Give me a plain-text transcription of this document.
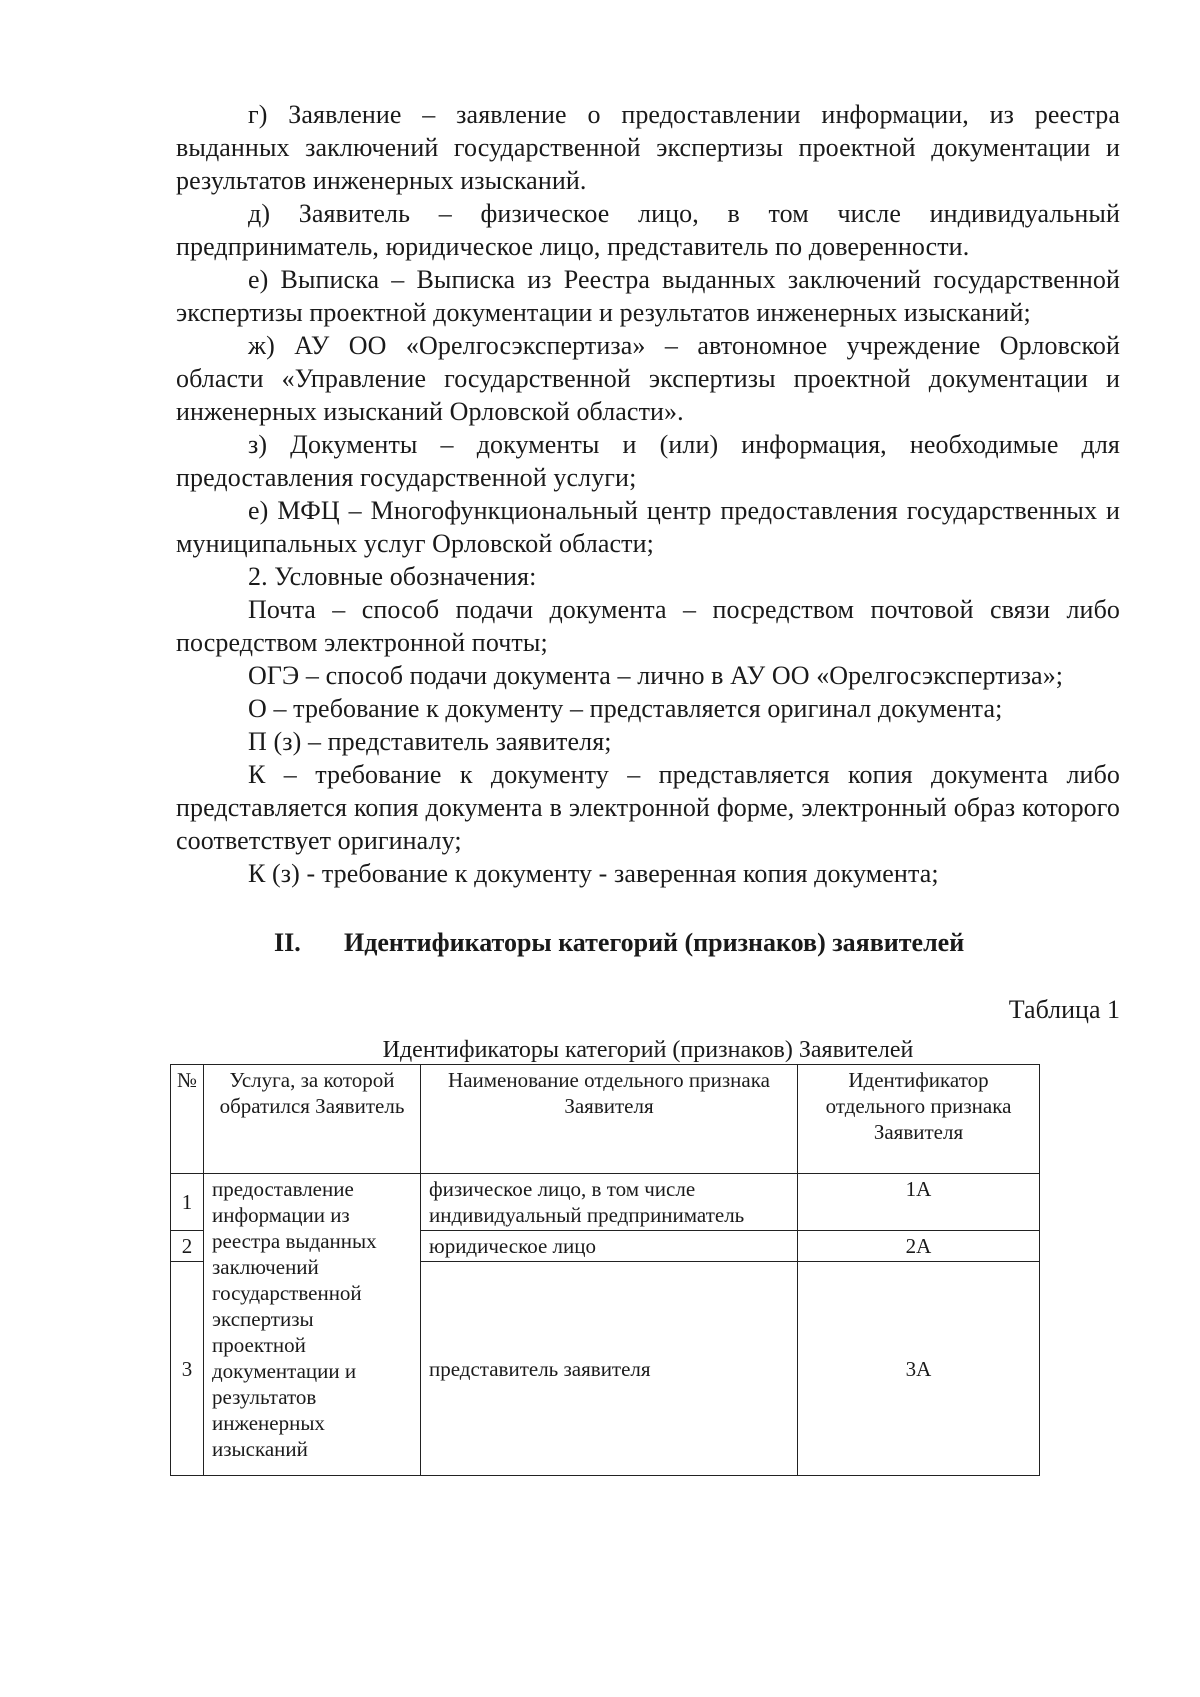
г) Заявление – заявление о предоставлении информации, из реестра выданных заключений государственной экспертизы проектной документации и результатов инженерных изысканий.

д) Заявитель – физическое лицо, в том числе индивидуальный предприниматель, юридическое лицо, представитель по доверенности.

е) Выписка – Выписка из Реестра выданных заключений государственной экспертизы проектной документации и результатов инженерных изысканий;

ж) АУ ОО «Орелгосэкспертиза» – автономное учреждение Орловской области «Управление государственной экспертизы проектной документации и инженерных изысканий Орловской области».

з) Документы – документы и (или) информация, необходимые для предоставления государственной услуги;

е) МФЦ – Многофункциональный центр предоставления государственных и муниципальных услуг Орловской области;

2. Условные обозначения:

Почта – способ подачи документа – посредством почтовой связи либо посредством электронной почты;

ОГЭ – способ подачи документа – лично в АУ ОО «Орелгосэкспертиза»;

О – требование к документу – представляется оригинал документа;

П (з) – представитель заявителя;

К – требование к документу – представляется копия документа либо представляется копия документа в электронной форме, электронный образ которого соответствует оригиналу;

К (з) - требование к документу - заверенная копия документа;

II.	Идентификаторы категорий (признаков) заявителей
Таблица 1
Идентификаторы категорий (признаков) Заявителей
№	Услуга, за которой обратился Заявитель	Наименование отдельного признака Заявителя	Идентификатор отдельного признака Заявителя
1	предоставление информации из реестра выданных заключений государственной экспертизы проектной документации и результатов инженерных изысканий	физическое лицо, в том числе индивидуальный предприниматель	1А
2		юридическое лицо	2А
3		представитель заявителя	3А
